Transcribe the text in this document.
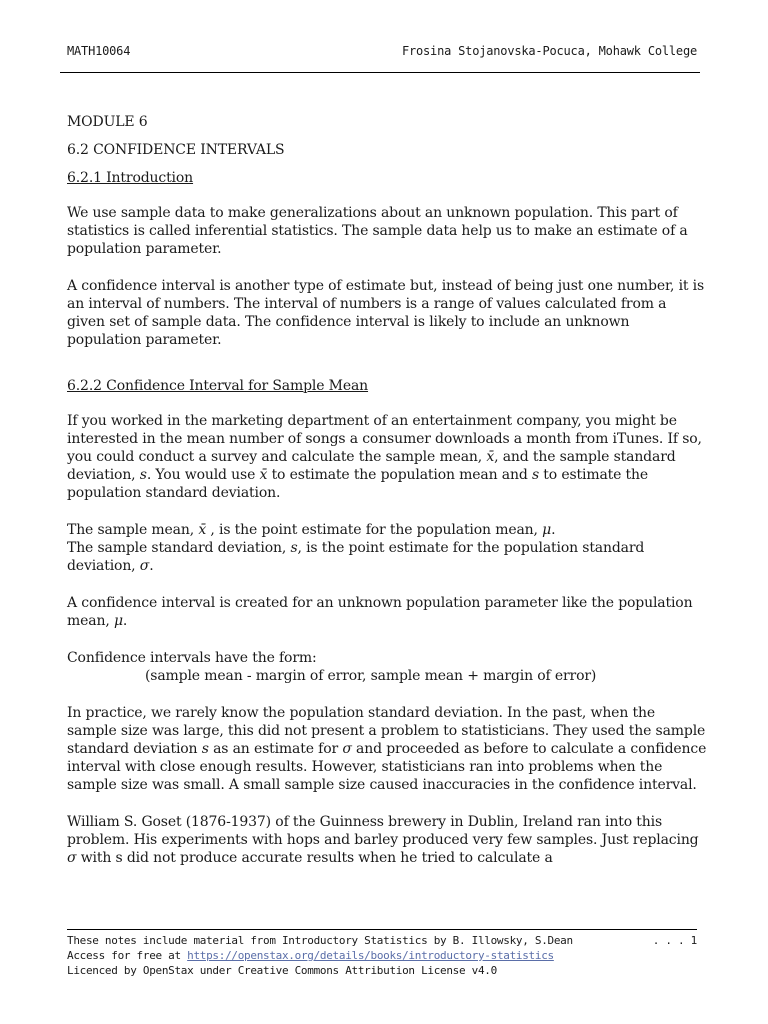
MATH10064	Frosina Stojanovska-Pocuca, Mohawk College

MODULE 6

6.2 CONFIDENCE INTERVALS

6.2.1 Introduction

We use sample data to make generalizations about an unknown population. This part of statistics is called inferential statistics. The sample data help us to make an estimate of a population parameter.

A confidence interval is another type of estimate but, instead of being just one number, it is an interval of numbers. The interval of numbers is a range of values calculated from a given set of sample data. The confidence interval is likely to include an unknown population parameter.

6.2.2 Confidence Interval for Sample Mean

If you worked in the marketing department of an entertainment company, you might be interested in the mean number of songs a consumer downloads a month from iTunes. If so, you could conduct a survey and calculate the sample mean, x̄, and the sample standard deviation, s. You would use x̄ to estimate the population mean and s to estimate the population standard deviation.

The sample mean, x̄ , is the point estimate for the population mean, μ.
The sample standard deviation, s, is the point estimate for the population standard deviation, σ.

A confidence interval is created for an unknown population parameter like the population mean, μ.

Confidence intervals have the form:
(sample mean - margin of error, sample mean + margin of error)

In practice, we rarely know the population standard deviation. In the past, when the sample size was large, this did not present a problem to statisticians. They used the sample standard deviation s as an estimate for σ and proceeded as before to calculate a confidence interval with close enough results. However, statisticians ran into problems when the sample size was small. A small sample size caused inaccuracies in the confidence interval.

William S. Goset (1876-1937) of the Guinness brewery in Dublin, Ireland ran into this problem. His experiments with hops and barley produced very few samples. Just replacing σ with s did not produce accurate results when he tried to calculate a

These notes include material from Introductory Statistics by B. Illowsky, S.Dean	. . . 1
Access for free at https://openstax.org/details/books/introductory-statistics
Licenced by OpenStax under Creative Commons Attribution License v4.0
